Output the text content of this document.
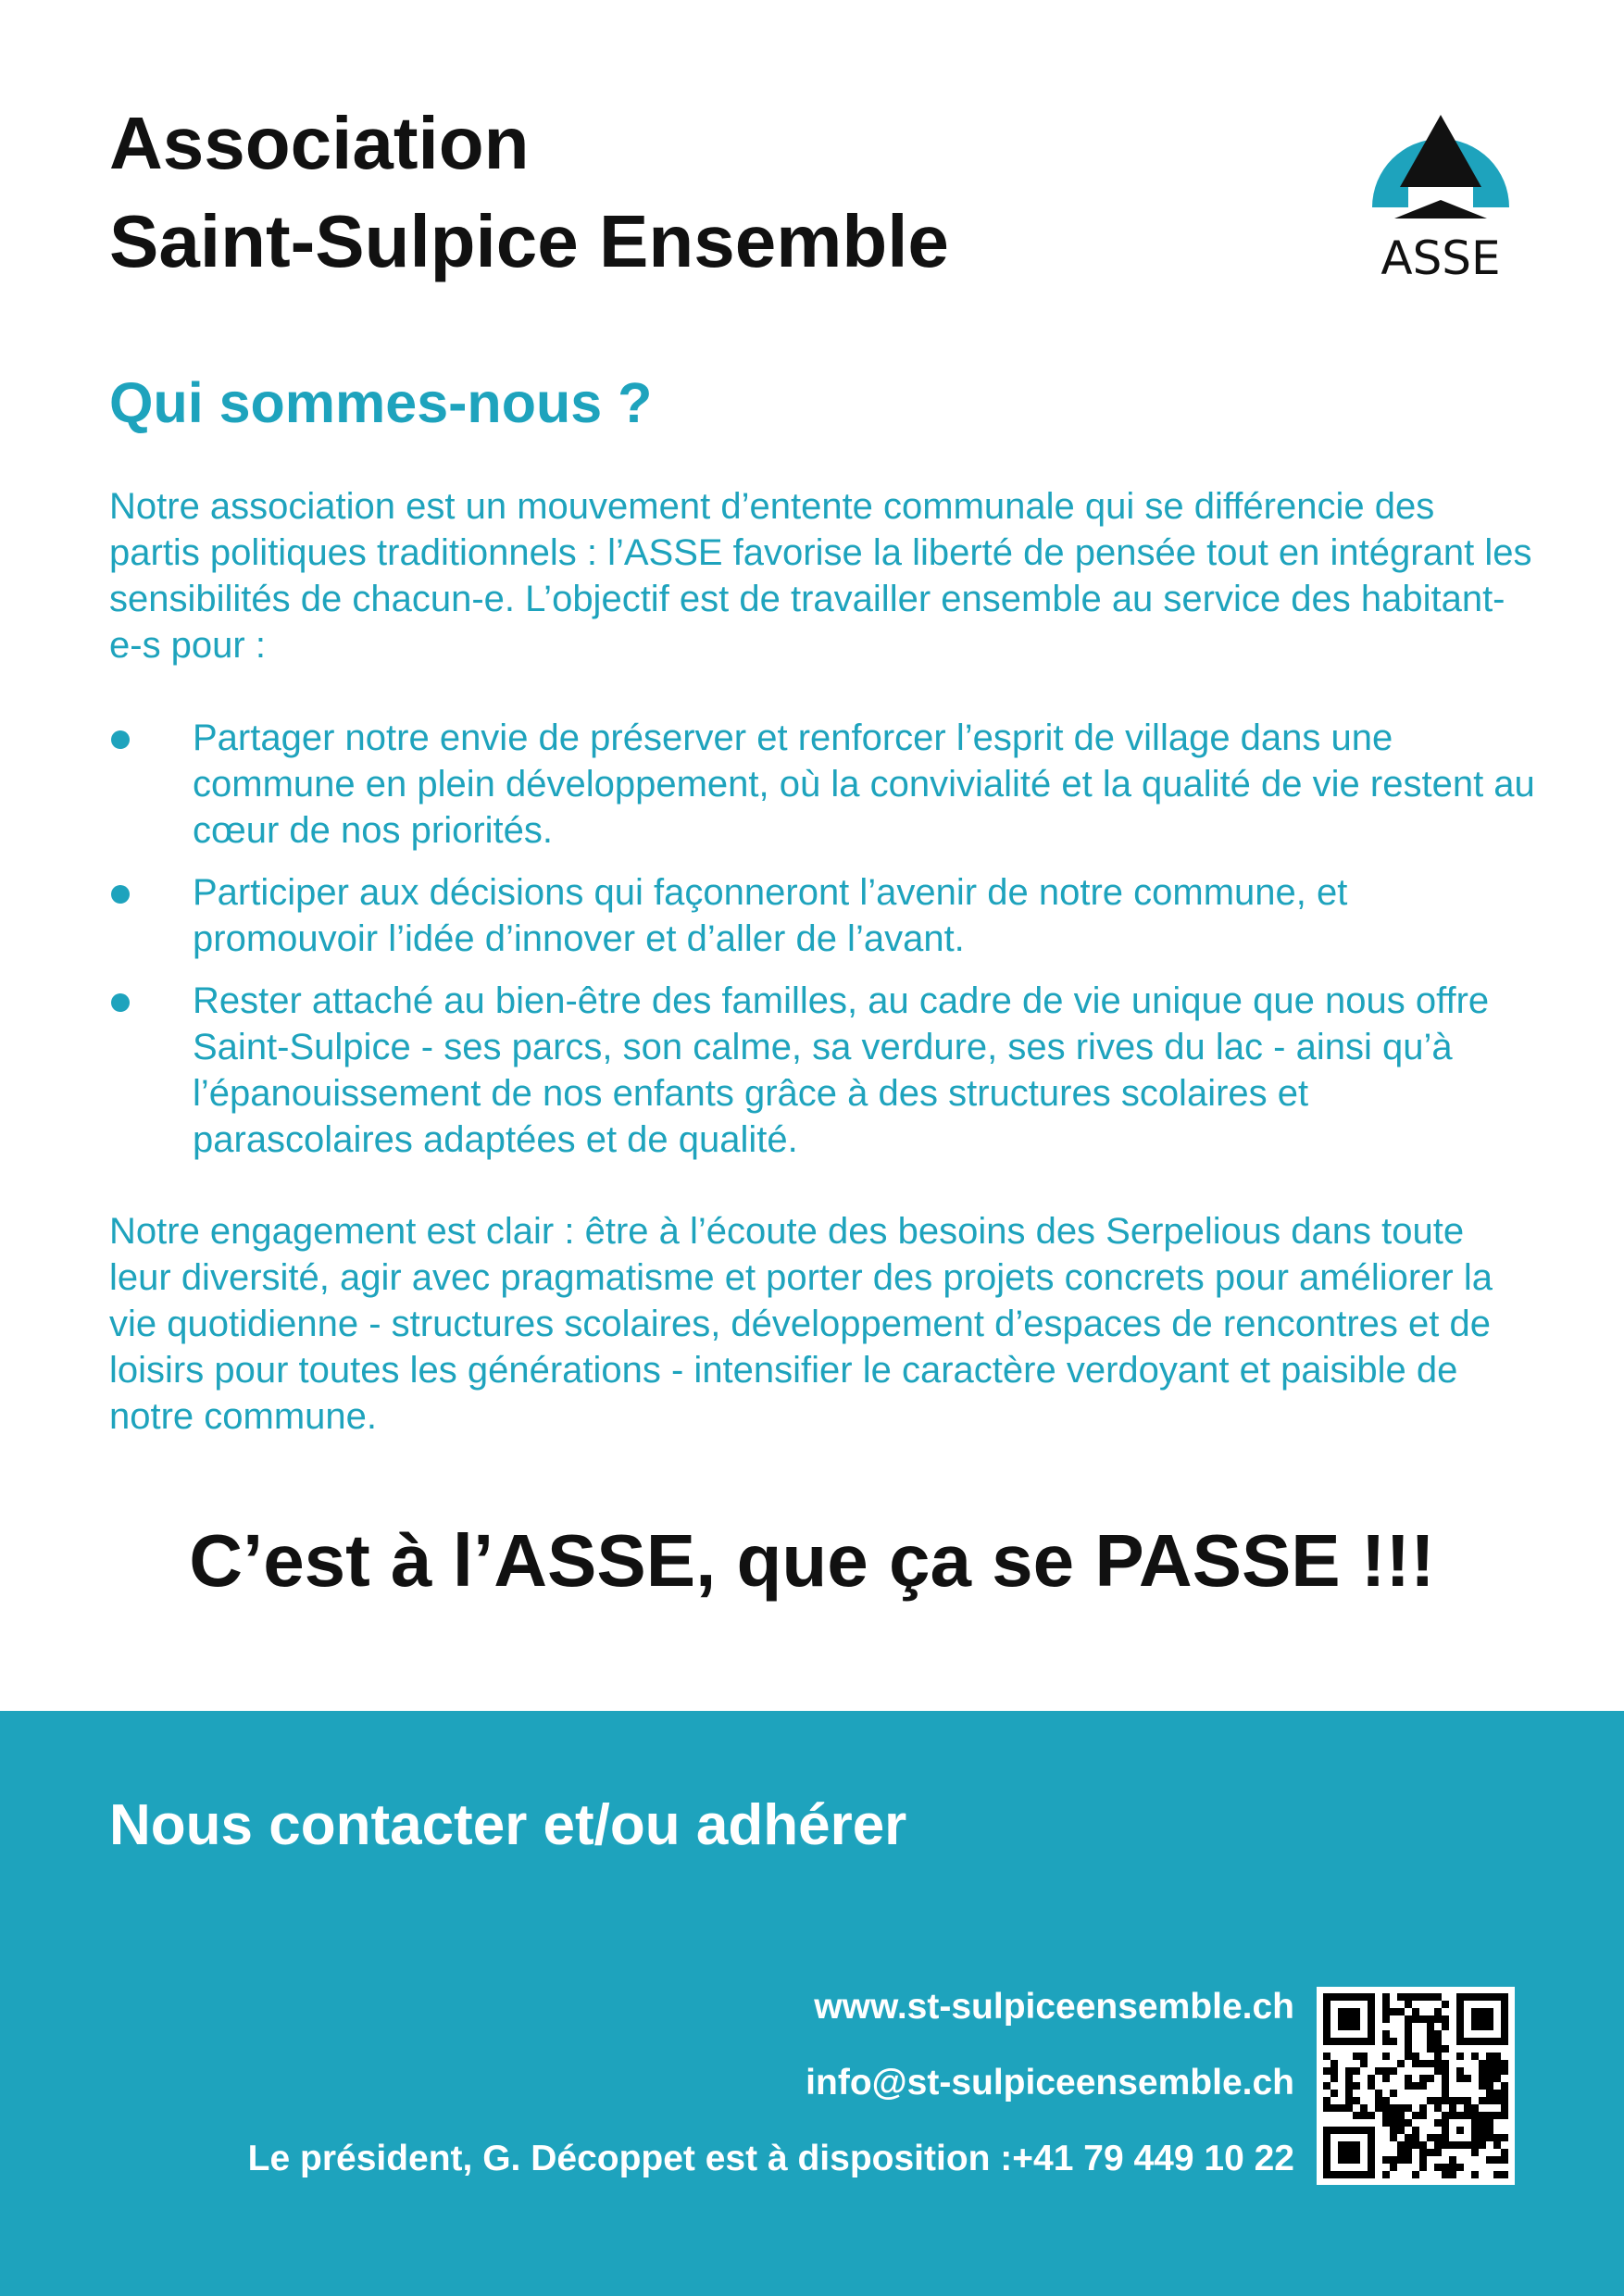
Association
Saint-Sulpice Ensemble	ASSE
Qui sommes-nous ?
Notre association est un mouvement d’entente communale qui se différencie des partis politiques traditionnels : l’ASSE favorise la liberté de pensée tout en intégrant les sensibilités de chacun-e. L’objectif est de travailler ensemble au service des habitant-e-s pour :
Partager notre envie de préserver et renforcer l’esprit de village dans une commune en plein développement, où la convivialité et la qualité de vie restent au cœur de nos priorités.
Participer aux décisions qui façonneront l’avenir de notre commune, et promouvoir l’idée d’innover et d’aller de l’avant.
Rester attaché au bien-être des familles, au cadre de vie unique que nous offre Saint-Sulpice - ses parcs, son calme, sa verdure, ses rives du lac - ainsi qu’à l’épanouissement de nos enfants grâce à des structures scolaires et parascolaires adaptées et de qualité.
Notre engagement est clair : être à l’écoute des besoins des Serpelious dans toute leur diversité, agir avec pragmatisme et porter des projets concrets pour améliorer la vie quotidienne - structures scolaires, développement d’espaces de rencontres et de loisirs pour toutes les générations - intensifier le caractère verdoyant et paisible de notre commune.
C’est à l’ASSE, que ça se PASSE !!!
Nous contacter et/ou adhérer
www.st-sulpiceensemble.ch
info@st-sulpiceensemble.ch
Le président, G. Décoppet est à disposition :+41 79 449 10 22
